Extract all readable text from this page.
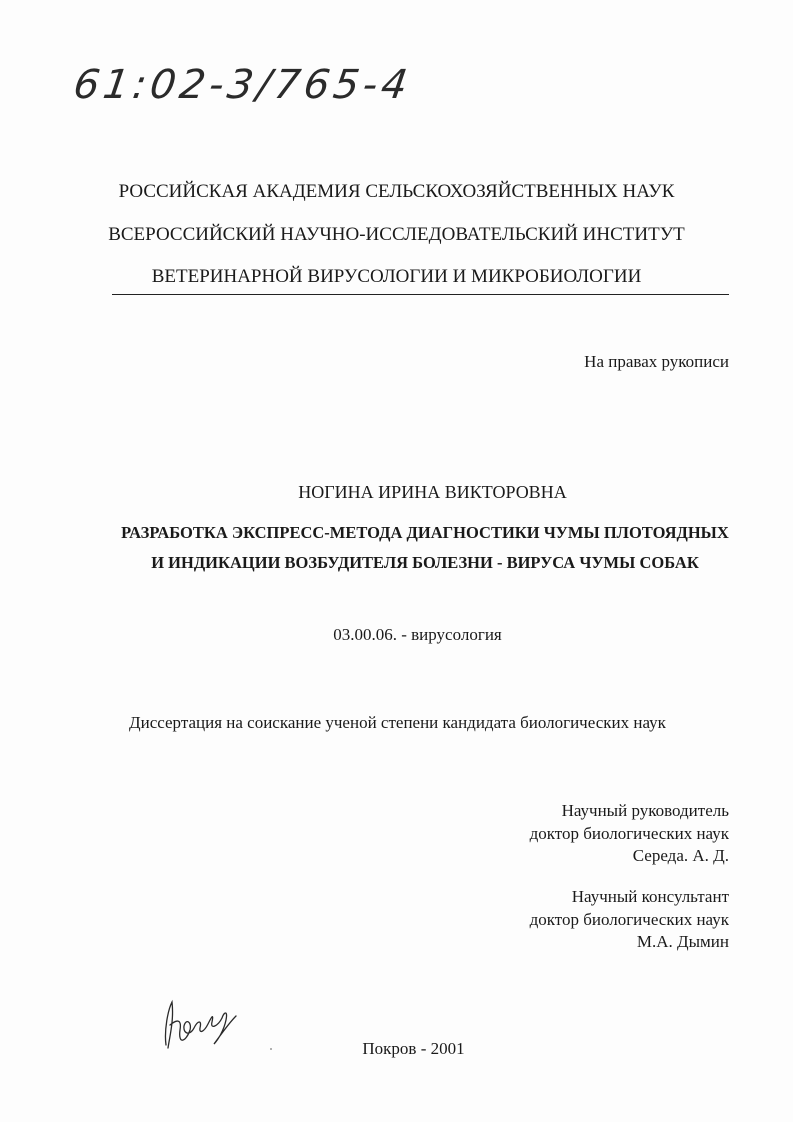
61:02-3/765-4
РОССИЙСКАЯ АКАДЕМИЯ СЕЛЬСКОХОЗЯЙСТВЕННЫХ НАУК
ВСЕРОССИЙСКИЙ НАУЧНО-ИССЛЕДОВАТЕЛЬСКИЙ ИНСТИТУТ
ВЕТЕРИНАРНОЙ ВИРУСОЛОГИИ И МИКРОБИОЛОГИИ
На правах рукописи
НОГИНА ИРИНА ВИКТОРОВНА
РАЗРАБОТКА ЭКСПРЕСС-МЕТОДА ДИАГНОСТИКИ ЧУМЫ ПЛОТОЯДНЫХ
И ИНДИКАЦИИ ВОЗБУДИТЕЛЯ БОЛЕЗНИ - ВИРУСА ЧУМЫ СОБАК
03.00.06. - вирусология
Диссертация на соискание ученой степени кандидата биологических наук
Научный руководитель
доктор биологических наук
Середа. А. Д.
Научный консультант
доктор биологических наук
М.А. Дымин
Покров - 2001
